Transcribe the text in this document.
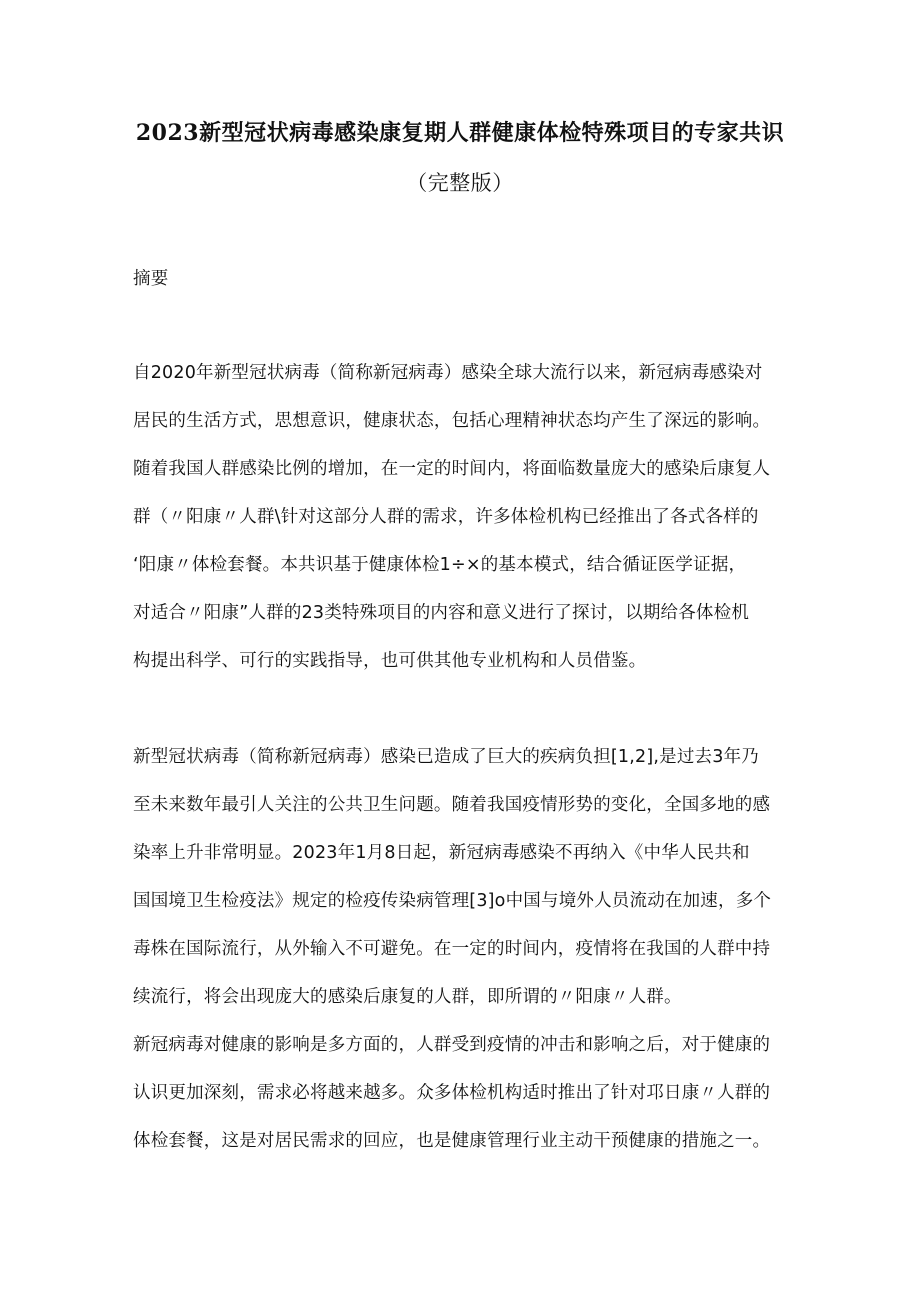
2023新型冠状病毒感染康复期人群健康体检特殊项目的专家共识
（完整版）
摘要
自2020年新型冠状病毒（简称新冠病毒）感染全球大流行以来，新冠病毒感染对
居民的生活方式，思想意识，健康状态，包括心理精神状态均产生了深远的影响。
随着我国人群感染比例的增加，在一定的时间内，将面临数量庞大的感染后康复人
群（〃阳康〃人群\针对这部分人群的需求，许多体检机构已经推出了各式各样的
‘阳康〃体检套餐。本共识基于健康体检1÷×的基本模式，结合循证医学证据，
对适合〃阳康”人群的23类特殊项目的内容和意义进行了探讨，以期给各体检机
构提出科学、可行的实践指导，也可供其他专业机构和人员借鉴。
新型冠状病毒（简称新冠病毒）感染已造成了巨大的疾病负担[1,2],是过去3年乃
至未来数年最引人关注的公共卫生问题。随着我国疫情形势的变化，全国多地的感
染率上升非常明显。2023年1月8日起，新冠病毒感染不再纳入《中华人民共和
国国境卫生检疫法》规定的检疫传染病管理[3]o中国与境外人员流动在加速，多个
毒株在国际流行，从外输入不可避免。在一定的时间内，疫情将在我国的人群中持
续流行，将会出现庞大的感染后康复的人群，即所谓的〃阳康〃人群。
新冠病毒对健康的影响是多方面的，人群受到疫情的冲击和影响之后，对于健康的
认识更加深刻，需求必将越来越多。众多体检机构适时推出了针对邛日康〃人群的
体检套餐，这是对居民需求的回应，也是健康管理行业主动干预健康的措施之一。
